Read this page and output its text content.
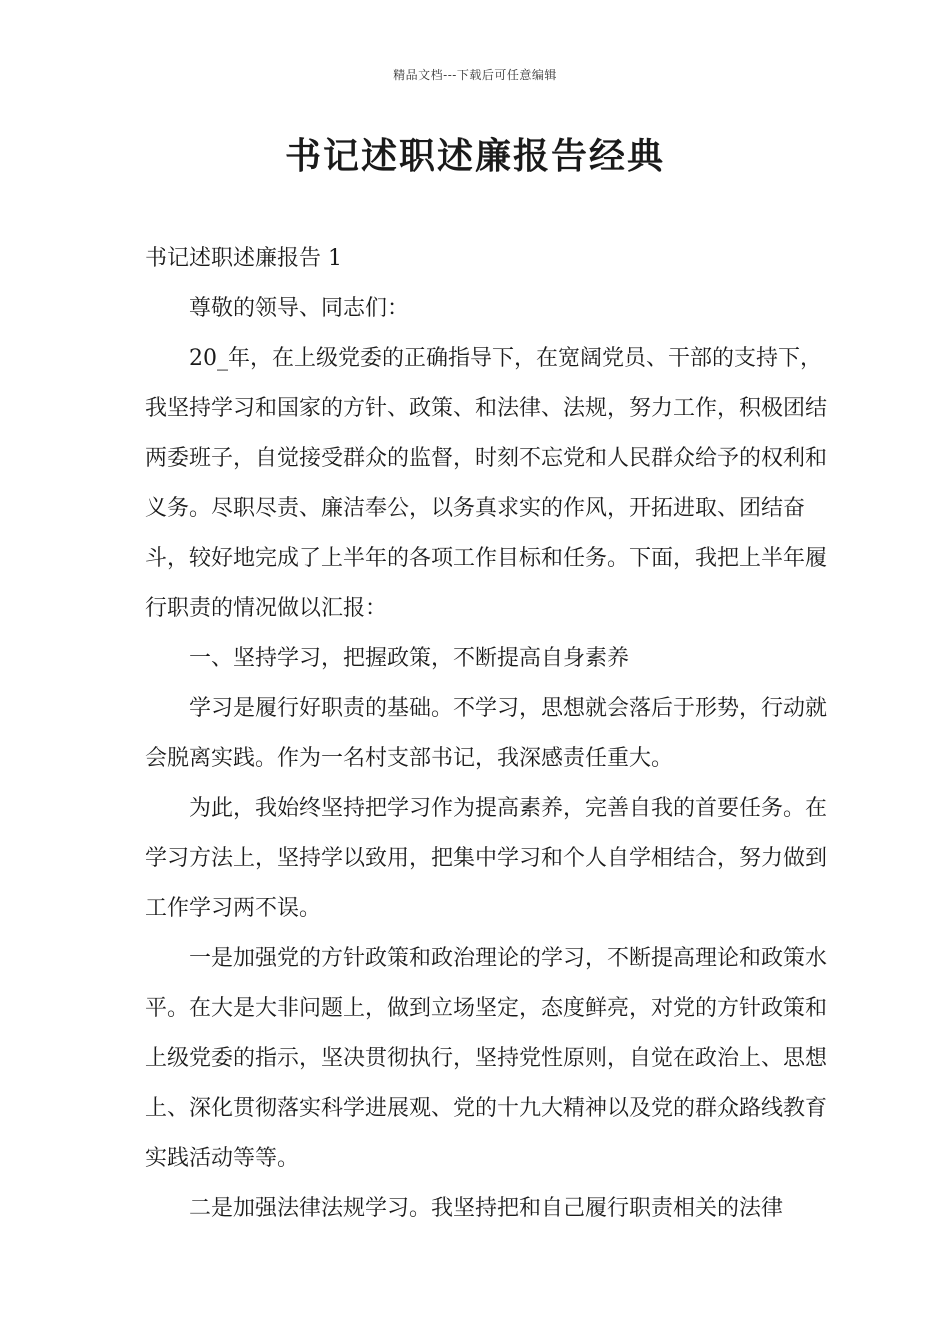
精品文档---下载后可任意编辑
书记述职述廉报告经典

书记述职述廉报告 1

尊敬的领导、同志们：

20_年，在上级党委的正确指导下，在宽阔党员、干部的支持下，我坚持学习和国家的方针、政策、和法律、法规，努力工作，积极团结两委班子，自觉接受群众的监督，时刻不忘党和人民群众给予的权利和义务。尽职尽责、廉洁奉公，以务真求实的作风，开拓进取、团结奋斗，较好地完成了上半年的各项工作目标和任务。下面，我把上半年履行职责的情况做以汇报：

一、坚持学习，把握政策，不断提高自身素养

学习是履行好职责的基础。不学习，思想就会落后于形势，行动就会脱离实践。作为一名村支部书记，我深感责任重大。

为此，我始终坚持把学习作为提高素养，完善自我的首要任务。在学习方法上，坚持学以致用，把集中学习和个人自学相结合，努力做到工作学习两不误。

一是加强党的方针政策和政治理论的学习，不断提高理论和政策水平。在大是大非问题上，做到立场坚定，态度鲜亮，对党的方针政策和上级党委的指示，坚决贯彻执行，坚持党性原则，自觉在政治上、思想上、深化贯彻落实科学进展观、党的十九大精神以及党的群众路线教育实践活动等等。

二是加强法律法规学习。我坚持把和自己履行职责相关的法律
